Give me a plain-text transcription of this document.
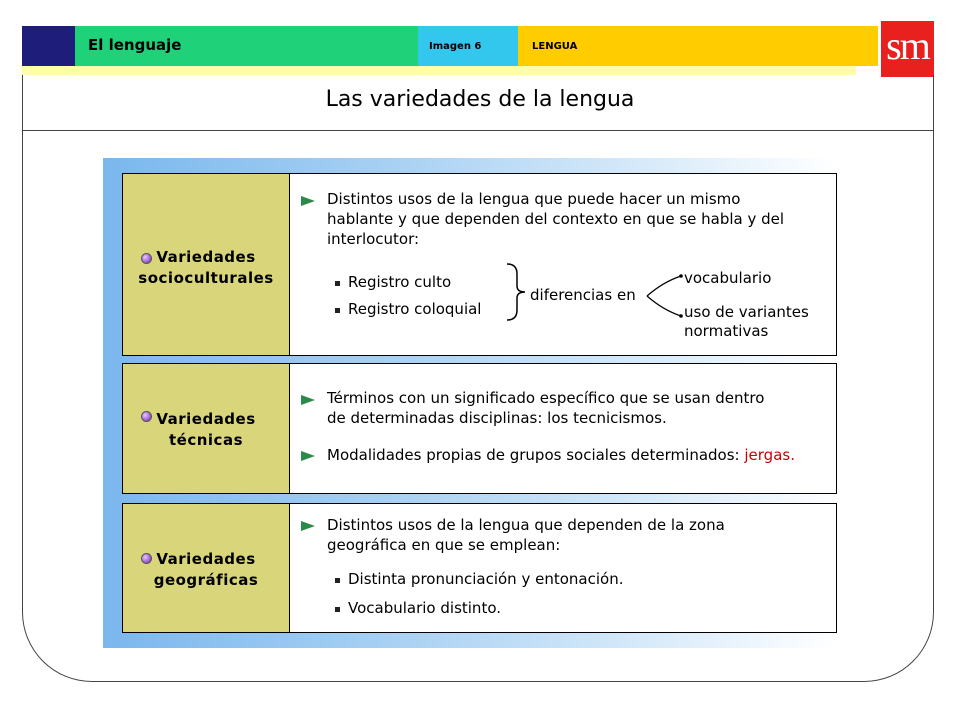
El lenguaje	Imagen 6	LENGUA	sm
Las variedades de la lengua
Variedades
socioculturales
Distintos usos de la lengua que puede hacer un mismo
hablante y que dependen del contexto en que se habla y del
interlocutor:
Registro culto
Registro coloquial
diferencias en
vocabulario
uso de variantes
normativas
Variedades
técnicas
Términos con un significado específico que se usan dentro
de determinadas disciplinas: los tecnicismos.
Modalidades propias de grupos sociales determinados: jergas.
Variedades
geográficas
Distintos usos de la lengua que dependen de la zona
geográfica en que se emplean:
Distinta pronunciación y entonación.
Vocabulario distinto.
